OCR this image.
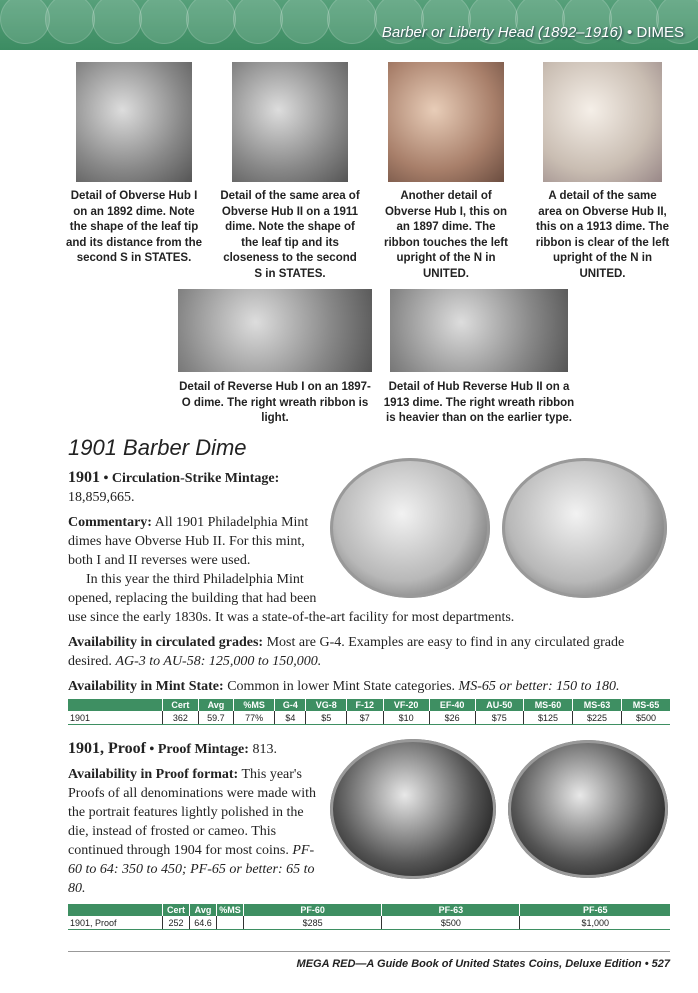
Barber or Liberty Head (1892–1916) • DIMES
Detail of Obverse Hub I on an 1892 dime. Note the shape of the leaf tip and its distance from the second S in STATES.
Detail of the same area of Obverse Hub II on a 1911 dime. Note the shape of the leaf tip and its closeness to the second S in STATES.
Another detail of Obverse Hub I, this on an 1897 dime. The ribbon touches the left upright of the N in UNITED.
A detail of the same area on Obverse Hub II, this on a 1913 dime. The ribbon is clear of the left upright of the N in UNITED.
Detail of Reverse Hub I on an 1897-O dime. The right wreath ribbon is light.
Detail of Hub Reverse Hub II on a 1913 dime. The right wreath ribbon is heavier than on the earlier type.
1901 Barber Dime
1901 • Circulation-Strike Mintage: 18,859,665.
Commentary: All 1901 Philadelphia Mint dimes have Obverse Hub II. For this mint, both I and II reverses were used.
In this year the third Philadelphia Mint opened, replacing the building that had been use since the early 1830s. It was a state-of-the-art facility for most departments.
Availability in circulated grades: Most are G-4. Examples are easy to find in any circulated grade desired. AG-3 to AU-58: 125,000 to 150,000.
Availability in Mint State: Common in lower Mint State categories. MS-65 or better: 150 to 180.
	Cert	Avg	%MS	G-4	VG-8	F-12	VF-20	EF-40	AU-50	MS-60	MS-63	MS-65
1901	362	59.7	77%	$4	$5	$7	$10	$26	$75	$125	$225	$500
1901, Proof • Proof Mintage: 813.
Availability in Proof format: This year's Proofs of all denominations were made with the portrait features lightly polished in the die, instead of frosted or cameo. This continued through 1904 for most coins. PF-60 to 64: 350 to 450; PF-65 or better: 65 to 80.
	Cert	Avg	%MS	PF-60	PF-63	PF-65
1901, Proof	252	64.6		$285	$500	$1,000
MEGA RED—A Guide Book of United States Coins, Deluxe Edition • 527
